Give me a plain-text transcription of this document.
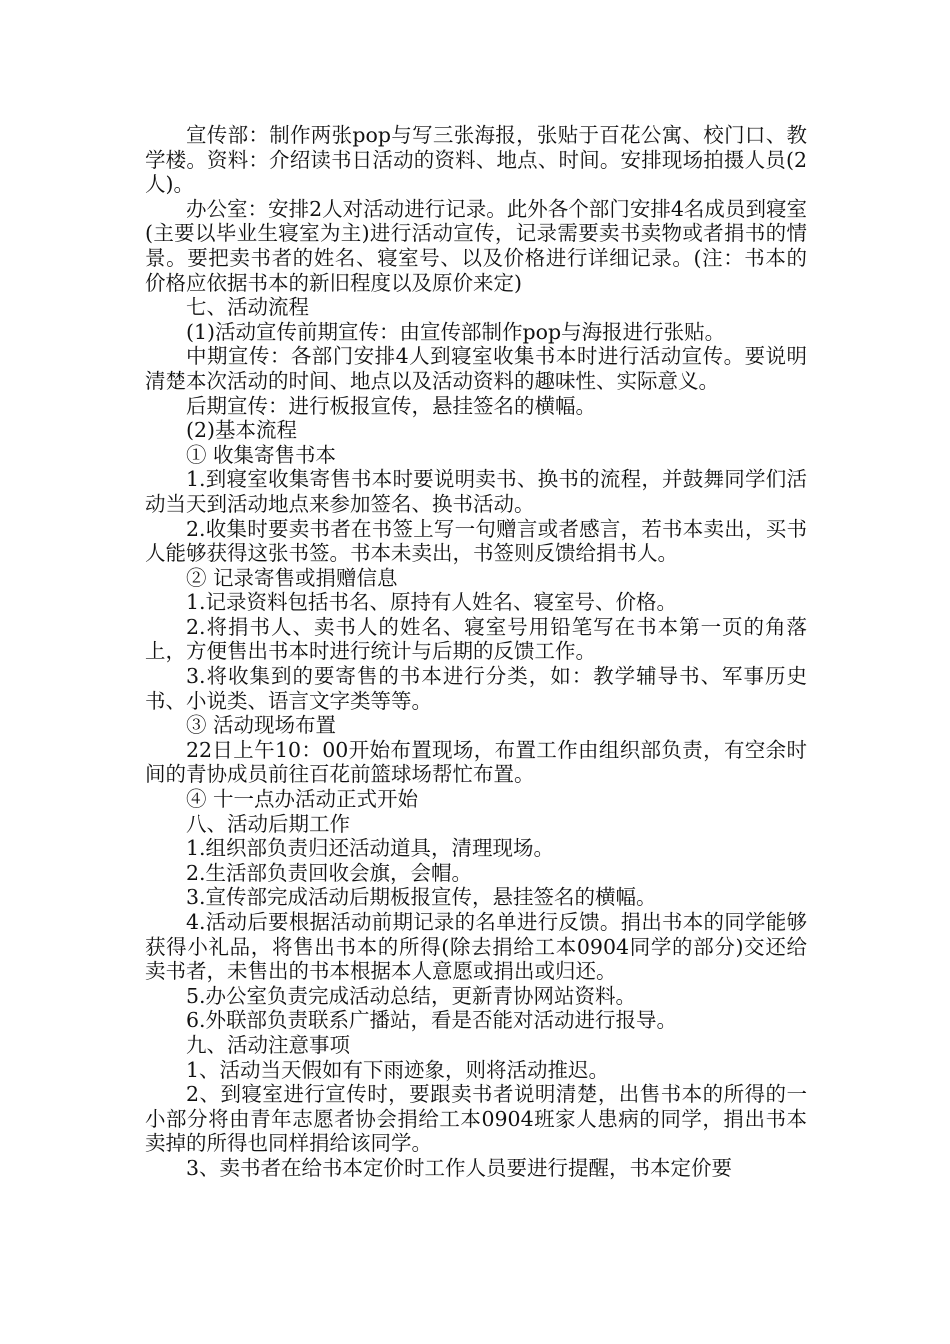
宣传部：制作两张pop与写三张海报，张贴于百花公寓、校门口、教学楼。资料：介绍读书日活动的资料、地点、时间。安排现场拍摄人员(2人)。

办公室：安排2人对活动进行记录。此外各个部门安排4名成员到寝室(主要以毕业生寝室为主)进行活动宣传，记录需要卖书卖物或者捐书的情景。要把卖书者的姓名、寝室号、以及价格进行详细记录。(注：书本的价格应依据书本的新旧程度以及原价来定)

七、活动流程

(1)活动宣传前期宣传：由宣传部制作pop与海报进行张贴。

中期宣传：各部门安排4人到寝室收集书本时进行活动宣传。要说明清楚本次活动的时间、地点以及活动资料的趣味性、实际意义。

后期宣传：进行板报宣传，悬挂签名的横幅。

(2)基本流程

① 收集寄售书本

1.到寝室收集寄售书本时要说明卖书、换书的流程，并鼓舞同学们活动当天到活动地点来参加签名、换书活动。

2.收集时要卖书者在书签上写一句赠言或者感言，若书本卖出，买书人能够获得这张书签。书本未卖出，书签则反馈给捐书人。

② 记录寄售或捐赠信息

1.记录资料包括书名、原持有人姓名、寝室号、价格。

2.将捐书人、卖书人的姓名、寝室号用铅笔写在书本第一页的角落上，方便售出书本时进行统计与后期的反馈工作。

3.将收集到的要寄售的书本进行分类，如：教学辅导书、军事历史书、小说类、语言文字类等等。

③ 活动现场布置

22日上午10：00开始布置现场，布置工作由组织部负责，有空余时间的青协成员前往百花前篮球场帮忙布置。

④ 十一点办活动正式开始

八、活动后期工作

1.组织部负责归还活动道具，清理现场。

2.生活部负责回收会旗，会帽。

3.宣传部完成活动后期板报宣传，悬挂签名的横幅。

4.活动后要根据活动前期记录的名单进行反馈。捐出书本的同学能够获得小礼品，将售出书本的所得(除去捐给工本0904同学的部分)交还给卖书者，未售出的书本根据本人意愿或捐出或归还。

5.办公室负责完成活动总结，更新青协网站资料。

6.外联部负责联系广播站，看是否能对活动进行报导。

九、活动注意事项

1、活动当天假如有下雨迹象，则将活动推迟。

2、到寝室进行宣传时，要跟卖书者说明清楚，出售书本的所得的一小部分将由青年志愿者协会捐给工本0904班家人患病的同学，捐出书本卖掉的所得也同样捐给该同学。

3、卖书者在给书本定价时工作人员要进行提醒，书本定价要
